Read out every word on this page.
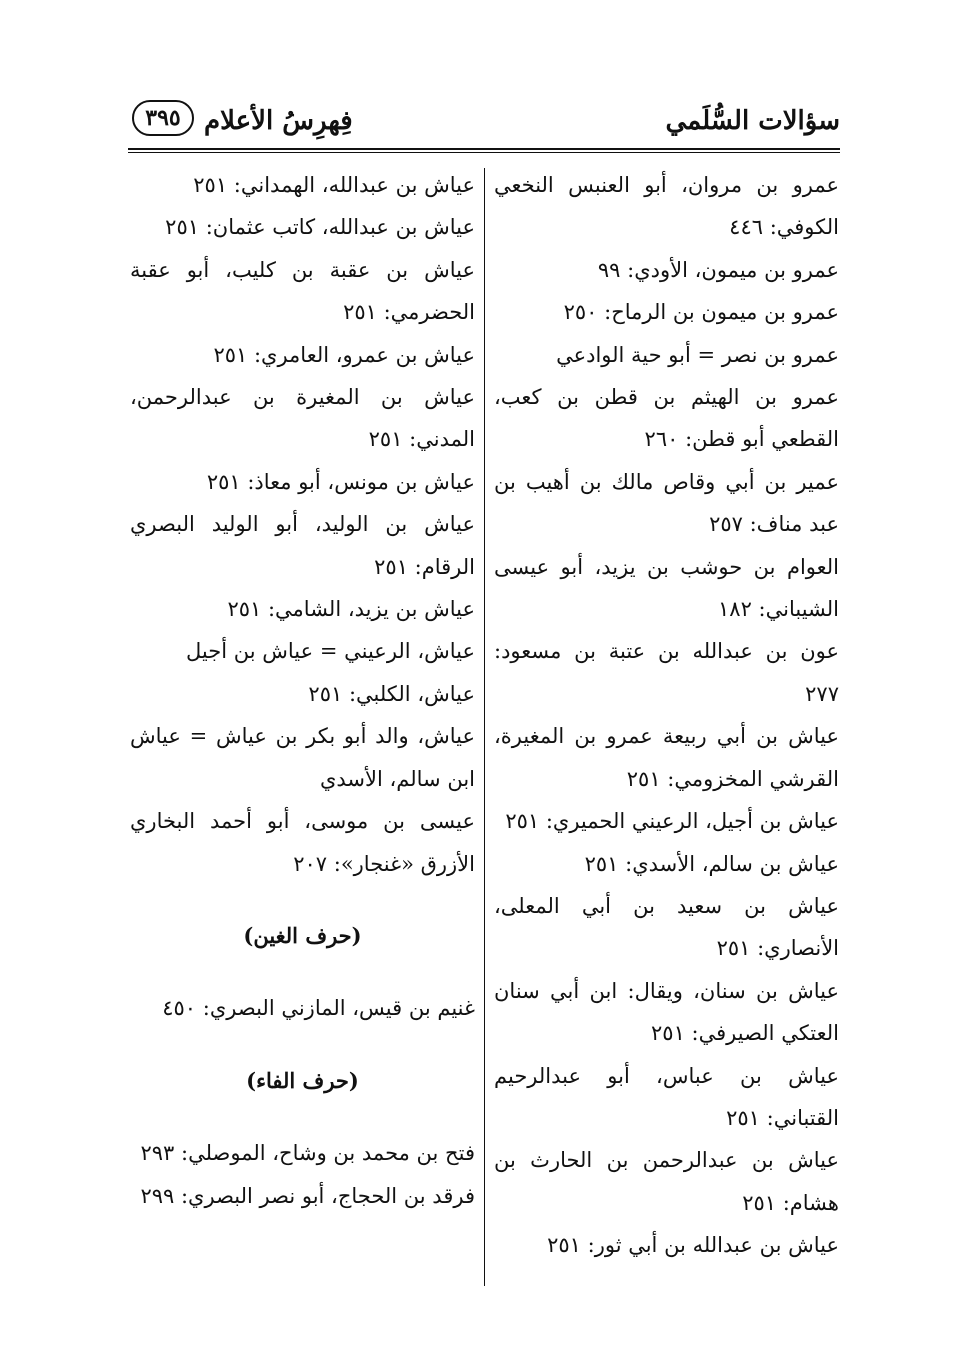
سؤالات السُّلَمي
فِهرِسُ الأعلام
٣٩٥

عمرو بن مروان، أبو العنبس النخعي الكوفي: ٤٤٦

عمرو بن ميمون، الأودي: ٩٩

عمرو بن ميمون بن الرماح: ٢٥٠

عمرو بن نصر = أبو حية الوادعي

عمرو بن الهيثم بن قطن بن كعب، القطعي أبو قطن: ٢٦٠

عمير بن أبي وقاص مالك بن أهيب بن عبد مناف: ٢٥٧

العوام بن حوشب بن يزيد، أبو عيسى الشيباني: ١٨٢

عون بن عبدالله بن عتبة بن مسعود: ٢٧٧

عياش بن أبي ربيعة عمرو بن المغيرة، القرشي المخزومي: ٢٥١

عياش بن أجيل، الرعيني الحميري: ٢٥١

عياش بن سالم، الأسدي: ٢٥١

عياش بن سعيد بن أبي المعلى، الأنصاري: ٢٥١

عياش بن سنان، ويقال: ابن أبي سنان العتكي الصيرفي: ٢٥١

عياش بن عباس، أبو عبدالرحيم القتباني: ٢٥١

عياش بن عبدالرحمن بن الحارث بن هشام: ٢٥١

عياش بن عبدالله بن أبي ثور: ٢٥١

عياش بن عبدالله، الهمداني: ٢٥١

عياش بن عبدالله، كاتب عثمان: ٢٥١

عياش بن عقبة بن كليب، أبو عقبة الحضرمي: ٢٥١

عياش بن عمرو، العامري: ٢٥١

عياش بن المغيرة بن عبدالرحمن، المدني: ٢٥١

عياش بن مونس، أبو معاذ: ٢٥١

عياش بن الوليد، أبو الوليد البصري الرقام: ٢٥١

عياش بن يزيد، الشامي: ٢٥١

عياش، الرعيني = عياش بن أجيل

عياش، الكلبي: ٢٥١

عياش، والد أبو بكر بن عياش = عياش ابن سالم، الأسدي

عيسى بن موسى، أبو أحمد البخاري الأزرق «غنجار»: ٢٠٧

(حرف الغين)

غنيم بن قيس، المازني البصري: ٤٥٠

(حرف الفاء)

فتح بن محمد بن وشاح، الموصلي: ٢٩٣

فرقد بن الحجاج، أبو نصر البصري: ٢٩٩
